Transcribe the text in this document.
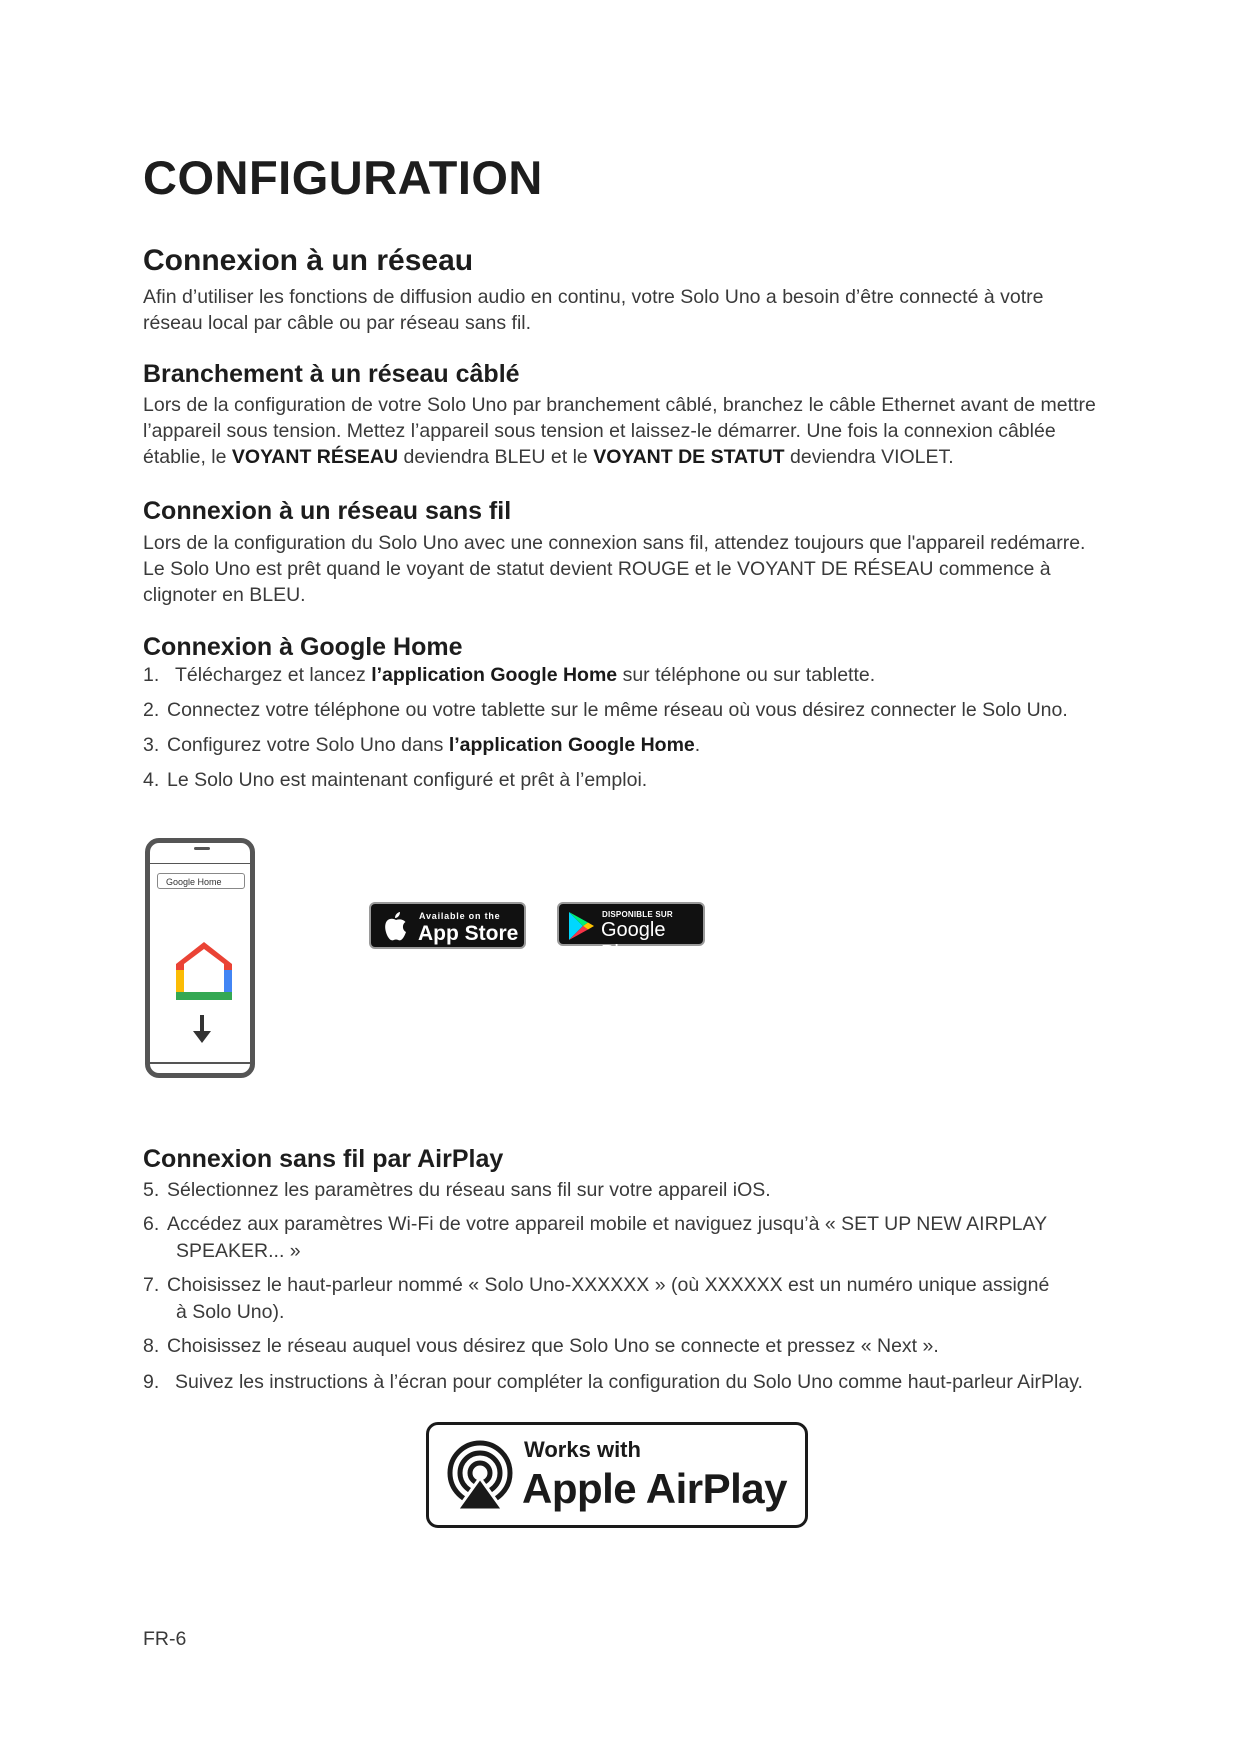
CONFIGURATION
Connexion à un réseau

Afin d’utiliser les fonctions de diffusion audio en continu, votre Solo Uno a besoin d’être connecté à votre réseau local par câble ou par réseau sans fil.

Branchement à un réseau câblé

Lors de la configuration de votre Solo Uno par branchement câblé, branchez le câble Ethernet avant de mettre l’appareil sous tension. Mettez l’appareil sous tension et laissez-le démarrer. Une fois la connexion câblée établie, le VOYANT RÉSEAU deviendra BLEU et le VOYANT DE STATUT deviendra VIOLET.

Connexion à un réseau sans fil

Lors de la configuration du Solo Uno avec une connexion sans fil, attendez toujours que l'appareil redémarre. Le Solo Uno est prêt quand le voyant de statut devient ROUGE et le VOYANT DE RÉSEAU commence à clignoter en BLEU.

Connexion à Google Home
1. Téléchargez et lancez l’application Google Home sur téléphone ou sur tablette.
2. Connectez votre téléphone ou votre tablette sur le même réseau où vous désirez connecter le Solo Uno.
3. Configurez votre Solo Uno dans l’application Google Home.
4. Le Solo Uno est maintenant configuré et prêt à l’emploi.
Google Home
Available on the
App Store
DISPONIBLE SUR
Google Play
Connexion sans fil par AirPlay
5. Sélectionnez les paramètres du réseau sans fil sur votre appareil iOS.
6. Accédez aux paramètres Wi-Fi de votre appareil mobile et naviguez jusqu’à « SET UP NEW AIRPLAY
SPEAKER... »
7. Choisissez le haut-parleur nommé « Solo Uno-XXXXXX » (où XXXXXX est un numéro unique assigné
à Solo Uno).
8. Choisissez le réseau auquel vous désirez que Solo Uno se connecte et pressez « Next ».
9. Suivez les instructions à l’écran pour compléter la configuration du Solo Uno comme haut-parleur AirPlay.
Works with
Apple AirPlay
FR-6
